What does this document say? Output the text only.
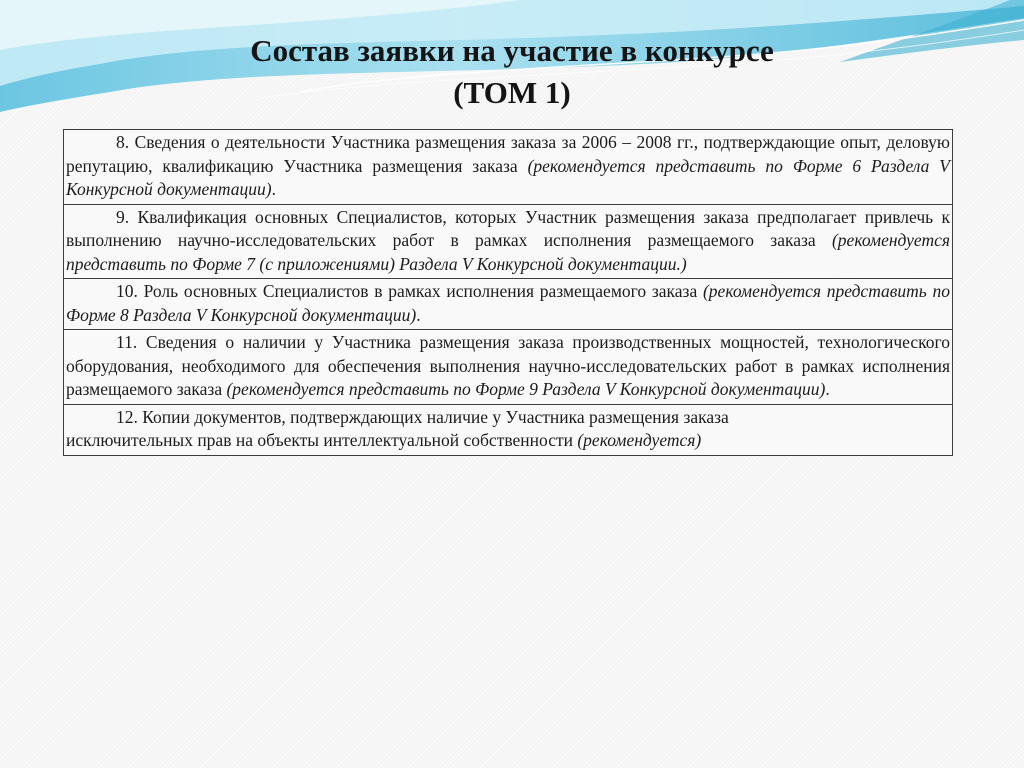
Состав заявки на участие в конкурсе
(ТОМ 1)
8. Сведения о деятельности Участника размещения заказа за 2006 – 2008 гг., подтверждающие опыт, деловую репутацию, квалификацию Участника размещения заказа (рекомендуется представить по Форме 6 Раздела V Конкурсной документации).
9. Квалификация основных Специалистов, которых Участник размещения заказа предполагает привлечь к выполнению научно-исследовательских работ в рамках исполнения размещаемого заказа (рекомендуется представить по Форме 7 (с приложениями) Раздела V Конкурсной документации.)
10. Роль основных Специалистов в рамках исполнения размещаемого заказа (рекомендуется представить по Форме 8 Раздела V Конкурсной документации).
11. Сведения о наличии у Участника размещения заказа производственных мощностей, технологического оборудования, необходимого для обеспечения выполнения научно-исследовательских работ в рамках исполнения размещаемого заказа (рекомендуется представить по Форме 9 Раздела V Конкурсной документации).
12. Копии документов, подтверждающих наличие у Участника размещения заказа
исключительных прав на объекты интеллектуальной собственности (рекомендуется)
